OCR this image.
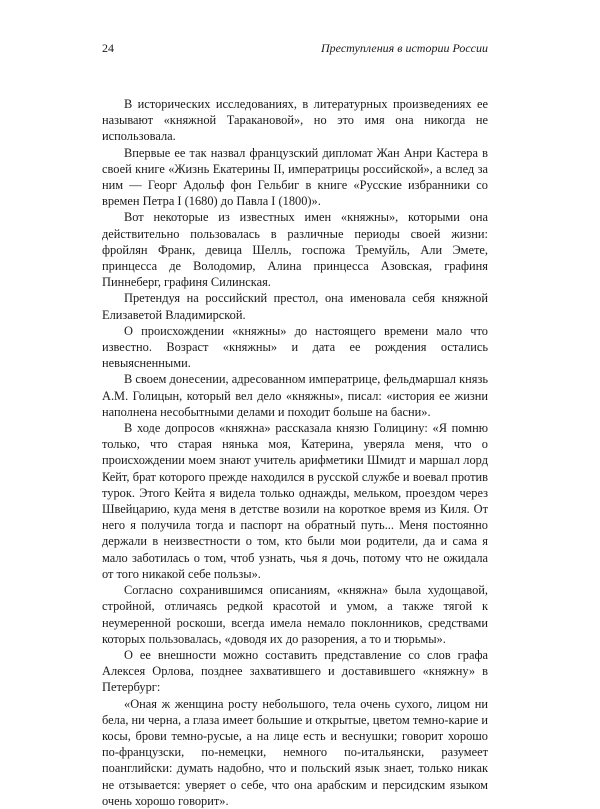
24	Преступления в истории России

В исторических исследованиях, в литературных произведениях ее называют «княжной Таракановой», но это имя она никогда не использовала.

Впервые ее так назвал французский дипломат Жан Анри Кастера в своей книге «Жизнь Екатерины II, императрицы российской», а вслед за ним — Георг Адольф фон Гельбиг в книге «Русские избранники со времен Петра I (1680) до Павла I (1800)».

Вот некоторые из известных имен «княжны», которыми она действительно пользовалась в различные периоды своей жизни: фройлян Франк, девица Шелль, госпожа Тремуйль, Али Эмете, принцесса де Володомир, Алина принцесса Азовская, графиня Пиннеберг, графиня Силинская.

Претендуя на российский престол, она именовала себя княжной Елизаветой Владимирской.

О происхождении «княжны» до настоящего времени мало что известно. Возраст «княжны» и дата ее рождения остались невыясненными.

В своем донесении, адресованном императрице, фельдмаршал князь А.М. Голицын, который вел дело «княжны», писал: «история ее жизни наполнена несобытными делами и походит больше на басни».

В ходе допросов «княжна» рассказала князю Голицину: «Я помню только, что старая нянька моя, Катерина, уверяла меня, что о происхождении моем знают учитель арифметики Шмидт и маршал лорд Кейт, брат которого прежде находился в русской службе и воевал против турок. Этого Кейта я видела только однажды, мельком, проездом через Швейцарию, куда меня в детстве возили на короткое время из Киля. От него я получила тогда и паспорт на обратный путь... Меня постоянно держали в неизвестности о том, кто были мои родители, да и сама я мало заботилась о том, чтоб узнать, чья я дочь, потому что не ожидала от того никакой себе пользы».

Согласно сохранившимся описаниям, «княжна» была худощавой, стройной, отличаясь редкой красотой и умом, а также тягой к неумеренной роскоши, всегда имела немало поклонников, средствами которых пользовалась, «доводя их до разорения, а то и тюрьмы».

О ее внешности можно составить представление со слов графа Алексея Орлова, позднее захватившего и доставившего «княжну» в Петербург:

«Оная ж женщина росту небольшого, тела очень сухого, лицом ни бела, ни черна, а глаза имеет большие и открытые, цветом темно-карие и косы, брови темно-русые, а на лице есть и веснушки; говорит хорошо по-французски, по-немецки, немного по-итальянски, разумеет поанглийски: думать надобно, что и польский язык знает, только никак не отзывается: уверяет о себе, что она арабским и персидским языком очень хорошо говорит».
